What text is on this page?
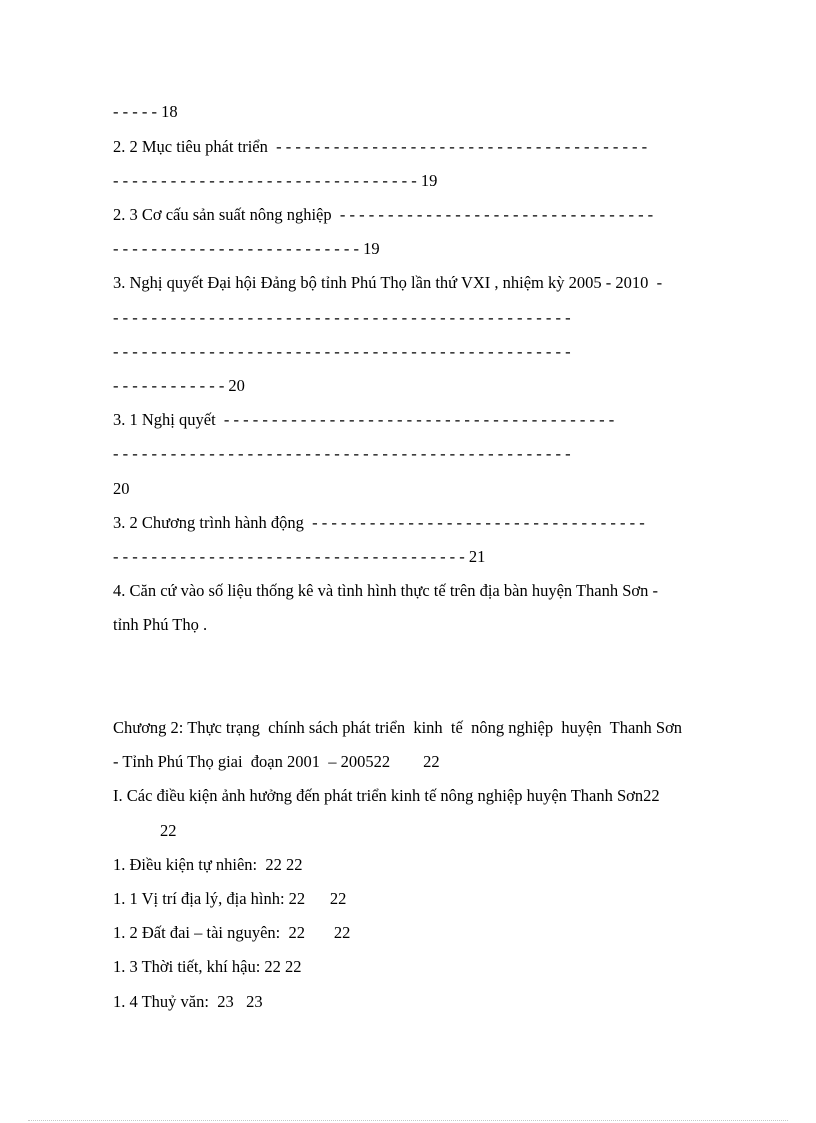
- - - - - 18
2. 2 Mục tiêu phát triển  - - - - - - - - - - - - - - - - - - - - - - - - - - - - - - - - - - - - - - -
- - - - - - - - - - - - - - - - - - - - - - - - - - - - - - - - 19
2. 3 Cơ cấu sản suất nông nghiệp  - - - - - - - - - - - - - - - - - - - - - - - - - - - - - - - - -
- - - - - - - - - - - - - - - - - - - - - - - - - - 19
3. Nghị quyết Đại hội Đảng bộ tỉnh Phú Thọ lần thứ VXI , nhiệm kỳ 2005 - 2010  -
- - - - - - - - - - - - - - - - - - - - - - - - - - - - - - - - - - - - - - - - - - - - - - - -
- - - - - - - - - - - - - - - - - - - - - - - - - - - - - - - - - - - - - - - - - - - - - - - -
- - - - - - - - - - - - 20
3. 1 Nghị quyết  - - - - - - - - - - - - - - - - - - - - - - - - - - - - - - - - - - - - - - - - -
- - - - - - - - - - - - - - - - - - - - - - - - - - - - - - - - - - - - - - - - - - - - - - - -
20
3. 2 Chương trình hành động  - - - - - - - - - - - - - - - - - - - - - - - - - - - - - - - - - - -
- - - - - - - - - - - - - - - - - - - - - - - - - - - - - - - - - - - - - 21
4. Căn cứ vào số liệu thống kê và tình hình thực tế trên địa bàn huyện Thanh Sơn -
tỉnh Phú Thọ .
Chương 2: Thực trạng  chính sách phát triển  kinh  tế  nông nghiệp  huyện  Thanh Sơn
- Tỉnh Phú Thọ giai  đoạn 2001  – 200522        22
I. Các điều kiện ảnh hưởng đến phát triển kinh tế nông nghiệp huyện Thanh Sơn22
22
1. Điều kiện tự nhiên:  22 22
1. 1 Vị trí địa lý, địa hình: 22      22
1. 2 Đất đai – tài nguyên:  22       22
1. 3 Thời tiết, khí hậu: 22 22
1. 4 Thuỷ văn:  23   23
